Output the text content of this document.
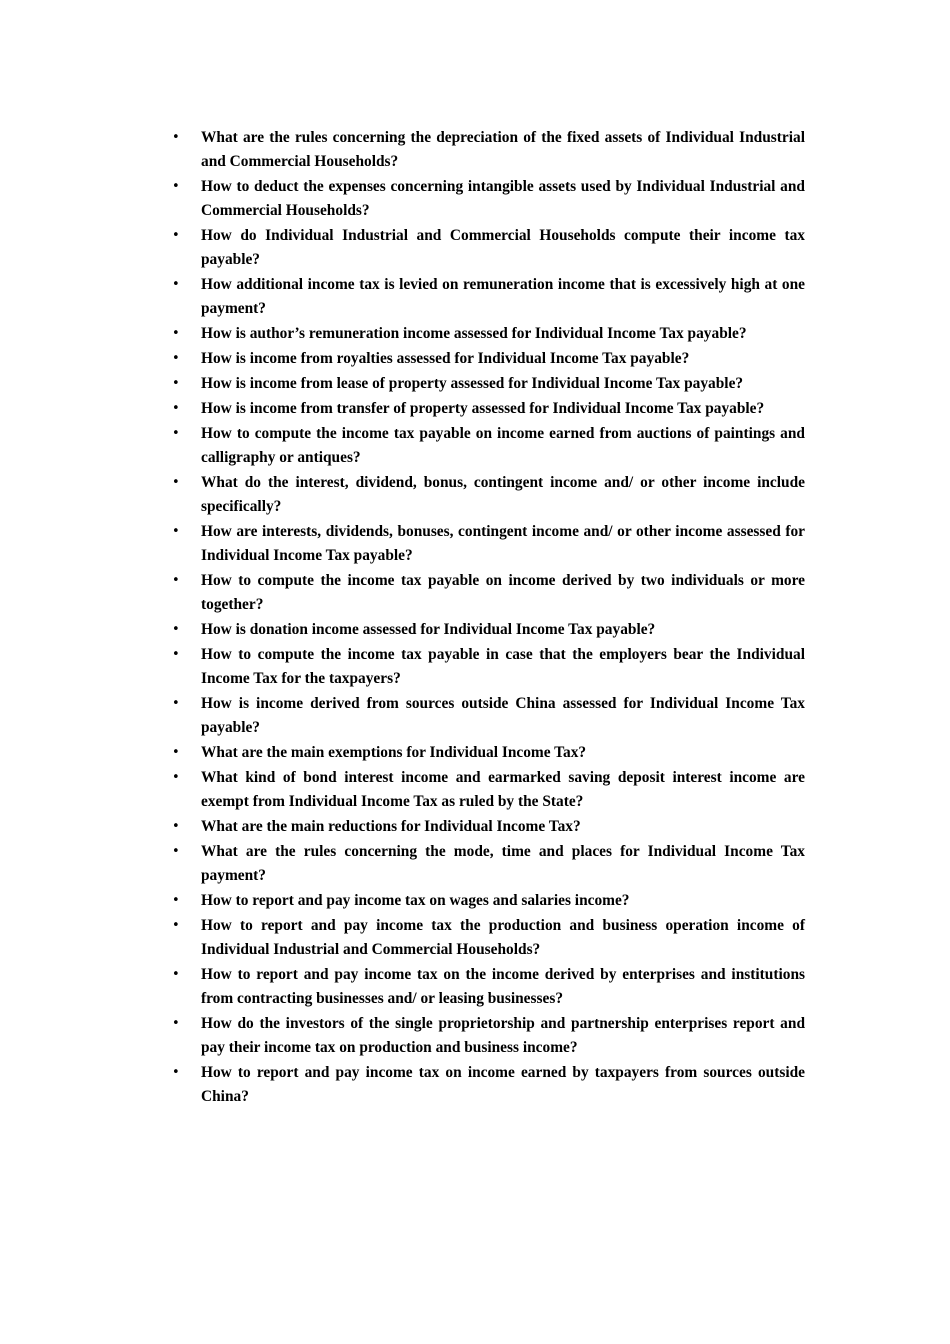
• What are the rules concerning the depreciation of the fixed assets of Individual Industrial and Commercial Households?
• How to deduct the expenses concerning intangible assets used by Individual Industrial and Commercial Households?
• How do Individual Industrial and Commercial Households compute their income tax payable?
• How additional income tax is levied on remuneration income that is excessively high at one payment?
• How is author’s remuneration income assessed for Individual Income Tax payable?
• How is income from royalties assessed for Individual Income Tax payable?
• How is income from lease of property assessed for Individual Income Tax payable?
• How is income from transfer of property assessed for Individual Income Tax payable?
• How to compute the income tax payable on income earned from auctions of paintings and calligraphy or antiques?
• What do the interest, dividend, bonus, contingent income and/ or other income include specifically?
• How are interests, dividends, bonuses, contingent income and/ or other income assessed for Individual Income Tax payable?
• How to compute the income tax payable on income derived by two individuals or more together?
• How is donation income assessed for Individual Income Tax payable?
• How to compute the income tax payable in case that the employers bear the Individual Income Tax for the taxpayers?
• How is income derived from sources outside China assessed for Individual Income Tax payable?
• What are the main exemptions for Individual Income Tax?
• What kind of bond interest income and earmarked saving deposit interest income are exempt from Individual Income Tax as ruled by the State?
• What are the main reductions for Individual Income Tax?
• What are the rules concerning the mode, time and places for Individual Income Tax payment?
• How to report and pay income tax on wages and salaries income?
• How to report and pay income tax the production and business operation income of Individual Industrial and Commercial Households?
• How to report and pay income tax on the income derived by enterprises and institutions from contracting businesses and/ or leasing businesses?
• How do the investors of the single proprietorship and partnership enterprises report and pay their income tax on production and business income?
• How to report and pay income tax on income earned by taxpayers from sources outside China?
